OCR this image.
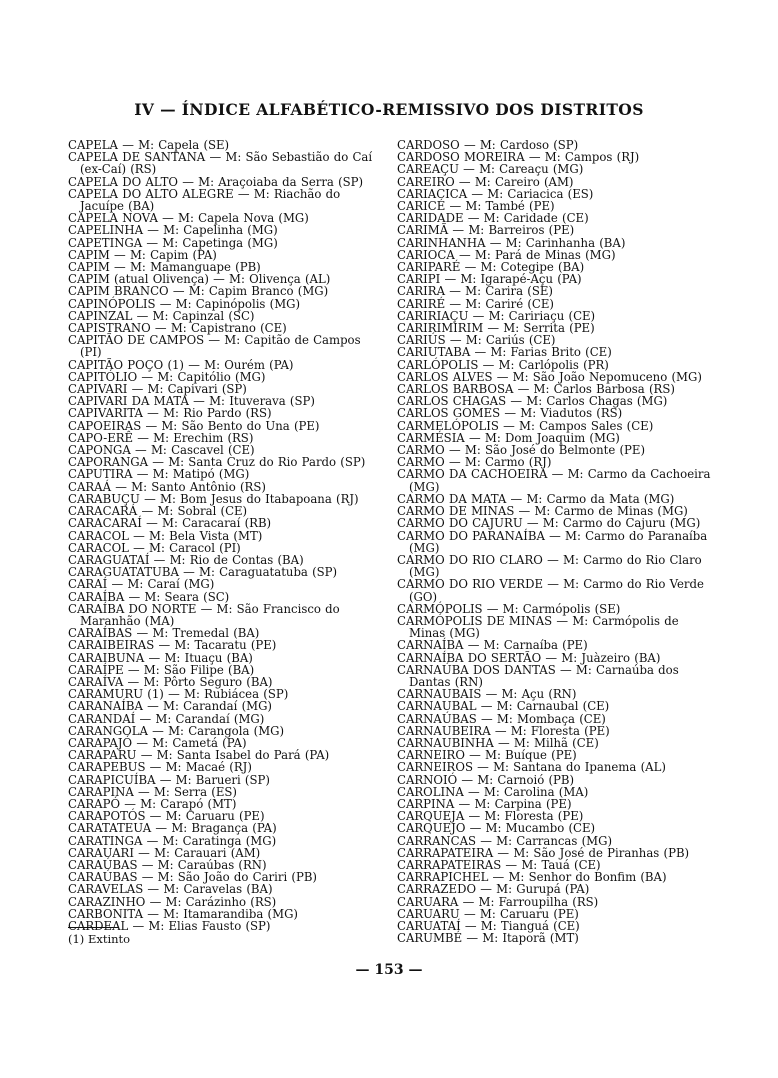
IV — ÍNDICE ALFABÉTICO-REMISSIVO DOS DISTRITOS
CAPELA — M: Capela (SE)
CAPELA DE SANTANA — M: São Sebastião do Caí (ex-Caí) (RS)
CAPELA DO ALTO — M: Araçoiaba da Serra (SP)
CAPELA DO ALTO ALEGRE — M: Riachão do Jacuípe (BA)
CAPELA NOVA — M: Capela Nova (MG)
CAPELINHA — M: Capelinha (MG)
CAPETINGA — M: Capetinga (MG)
CAPIM — M: Capim (PA)
CAPIM — M: Mamanguape (PB)
CAPIM (atual Olivença) — M: Olivença (AL)
CAPIM BRANCO — M: Capim Branco (MG)
CAPINÓPOLIS — M: Capinópolis (MG)
CAPINZAL — M: Capinzal (SC)
CAPISTRANO — M: Capistrano (CE)
CAPITÃO DE CAMPOS — M: Capitão de Campos (PI)
CAPITÃO POÇO (1) — M: Ourém (PA)
CAPITÓLIO — M: Capitólio (MG)
CAPIVARI — M: Capivari (SP)
CAPIVARI DA MATA — M: Ituverava (SP)
CAPIVARITA — M: Rio Pardo (RS)
CAPOEIRAS — M: São Bento do Una (PE)
CAPO-ERÊ — M: Erechim (RS)
CAPONGA — M: Cascavel (CE)
CAPORANGA — M: Santa Cruz do Rio Pardo (SP)
CAPUTIRA — M: Matipó (MG)
CARAÁ — M: Santo Antônio (RS)
CARABUÇU — M: Bom Jesus do Itabapoana (RJ)
CARACARÁ — M: Sobral (CE)
CARACARAÍ — M: Caracaraí (RB)
CARACOL — M: Bela Vista (MT)
CARACOL — M: Caracol (PI)
CARAGUATAÍ — M: Rio de Contas (BA)
CARAGUATATUBA — M: Caraguatatuba (SP)
CARAÍ — M: Caraí (MG)
CARAÍBA — M: Seara (SC)
CARAÍBA DO NORTE — M: São Francisco do Maranhão (MA)
CARAÍBAS — M: Tremedal (BA)
CARAIBEIRAS — M: Tacaratu (PE)
CARAIBUNA — M: Ituaçu (BA)
CARAÍPE — M: São Filipe (BA)
CARAÍVA — M: Pôrto Seguro (BA)
CARAMURU (1) — M: Rubiácea (SP)
CARANAÍBA — M: Carandaí (MG)
CARANDAÍ — M: Carandaí (MG)
CARANGOLA — M: Carangola (MG)
CARAPAJÓ — M: Cametá (PA)
CARAPARU — M: Santa Isabel do Pará (PA)
CARAPEBUS — M: Macaé (RJ)
CARAPICUÍBA — M: Barueri (SP)
CARAPINA — M: Serra (ES)
CARAPÓ — M: Carapó (MT)
CARAPOTÓS — M: Caruaru (PE)
CARATATEUA — M: Bragança (PA)
CARATINGA — M: Caratinga (MG)
CARAUARI — M: Carauari (AM)
CARAÚBAS — M: Caraúbas (RN)
CARAÚBAS — M: São João do Cariri (PB)
CARAVELAS — M: Caravelas (BA)
CARAZINHO — M: Carázinho (RS)
CARBONITA — M: Itamarandiba (MG)
CARDEAL — M: Elias Fausto (SP)
CARDOSO — M: Cardoso (SP)
CARDOSO MOREIRA — M: Campos (RJ)
CAREAÇU — M: Careaçu (MG)
CAREIRO — M: Careiro (AM)
CARIACICA — M: Cariacica (ES)
CARICÉ — M: També (PE)
CARIDADE — M: Caridade (CE)
CARIMÃ — M: Barreiros (PE)
CARINHANHA — M: Carinhanha (BA)
CARIOCA — M: Pará de Minas (MG)
CARIPARÉ — M: Cotegipe (BA)
CARIPI — M: Igarapé-Açu (PA)
CARIRA — M: Carira (SE)
CARIRÉ — M: Cariré (CE)
CARIRIAÇU — M: Caririaçu (CE)
CARIRIMIRIM — M: Serrita (PE)
CARIÚS — M: Cariús (CE)
CARIUTABA — M: Farias Brito (CE)
CARLÓPOLIS — M: Carlópolis (PR)
CARLOS ALVES — M: São João Nepomuceno (MG)
CARLOS BARBOSA — M: Carlos Barbosa (RS)
CARLOS CHAGAS — M: Carlos Chagas (MG)
CARLOS GOMES — M: Viadutos (RS)
CARMELÓPOLIS — M: Campos Sales (CE)
CARMÉSIA — M: Dom Joaquim (MG)
CARMO — M: São José do Belmonte (PE)
CARMO — M: Carmo (RJ)
CARMO DA CACHOEIRA — M: Carmo da Cachoeira (MG)
CARMO DA MATA — M: Carmo da Mata (MG)
CARMO DE MINAS — M: Carmo de Minas (MG)
CARMO DO CAJURU — M: Carmo do Cajuru (MG)
CARMO DO PARANAÍBA — M: Carmo do Paranaíba (MG)
CARMO DO RIO CLARO — M: Carmo do Rio Claro (MG)
CARMO DO RIO VERDE — M: Carmo do Rio Verde (GO)
CARMÓPOLIS — M: Carmópolis (SE)
CARMÓPOLIS DE MINAS — M: Carmópolis de Minas (MG)
CARNAÍBA — M: Carnaíba (PE)
CARNAÍBA DO SERTÃO — M: Juàzeiro (BA)
CARNAÚBA DOS DANTAS — M: Carnaúba dos Dantas (RN)
CARNAUBAIS — M: Açu (RN)
CARNAUBAL — M: Carnaubal (CE)
CARNAÚBAS — M: Mombaça (CE)
CARNAUBEIRA — M: Floresta (PE)
CARNAUBINHA — M: Milhã (CE)
CARNEIRO — M: Buíque (PE)
CARNEIROS — M: Santana do Ipanema (AL)
CARNOIÓ — M: Carnoió (PB)
CAROLINA — M: Carolina (MA)
CARPINA — M: Carpina (PE)
CARQUEJA — M: Floresta (PE)
CARQUEJO — M: Mucambo (CE)
CARRANCAS — M: Carrancas (MG)
CARRAPATEIRA — M: São José de Piranhas (PB)
CARRAPATEIRAS — M: Tauá (CE)
CARRAPICHEL — M: Senhor do Bonfim (BA)
CARRAZEDO — M: Gurupá (PA)
CARUARA — M: Farroupilha (RS)
CARUARU — M: Caruaru (PE)
CARUATAÍ — M: Tianguá (CE)
CARUMBÉ — M: Itaporã (MT)
(1) Extinto
— 153 —
